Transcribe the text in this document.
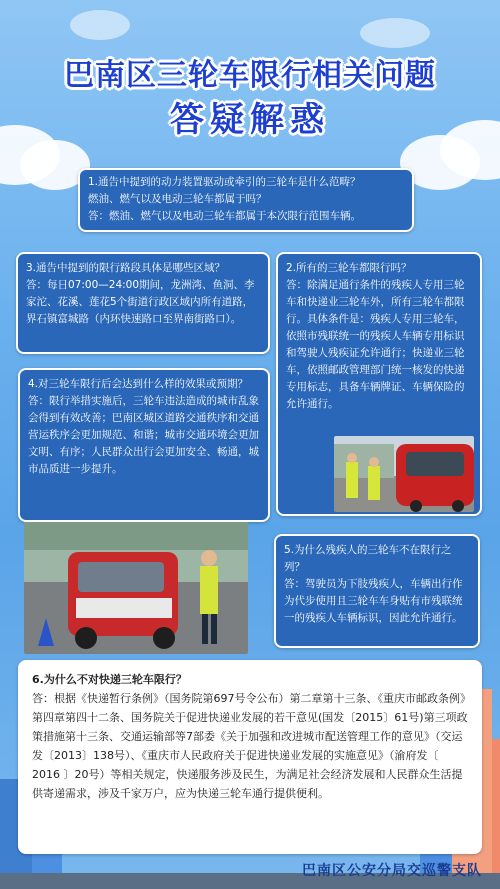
巴南区三轮车限行相关问题
答疑解惑
1.通告中提到的动力装置驱动或牵引的三轮车是什么范畴？
燃油、燃气以及电动三轮车都属于吗？
答：燃油、燃气以及电动三轮车都属于本次限行范围车辆。
3.通告中提到的限行路段具体是哪些区域？
答：每日07:00—24:00期间，龙洲湾、鱼洞、李家沱、花溪、莲花5个街道行政区域内所有道路，界石镇富城路（内环快速路口至界南街路口）。
2.所有的三轮车都限行吗？
答：除满足通行条件的残疾人专用三轮车和快递业三轮车外，所有三轮车都限行。具体条件是：残疾人专用三轮车，依照市残联统一的残疾人车辆专用标识和驾驶人残疾证允许通行；快递业三轮车，依照邮政管理部门统一核发的快递专用标志，具备车辆牌证、车辆保险的允许通行。
4.对三轮车限行后会达到什么样的效果或预期？
答：限行举措实施后，三轮车违法造成的城市乱象会得到有效改善；巴南区城区道路交通秩序和交通营运秩序会更加规范、和谐；城市交通环境会更加文明、有序；人民群众出行会更加安全、畅通，城市品质进一步提升。
5.为什么残疾人的三轮车不在限行之列？
答：驾驶员为下肢残疾人，车辆出行作为代步使用且三轮车车身贴有市残联统一的残疾人车辆标识，因此允许通行。
6.为什么不对快递三轮车限行？
答：根据《快递暂行条例》（国务院第697号令公布）第二章第十三条、《重庆市邮政条例》第四章第四十二条、国务院关于促进快递业发展的若干意见(国发〔2015〕61号)第三项政策措施第十三条、交通运输部等7部委《关于加强和改进城市配送管理工作的意见》（交运发〔2013〕138号）、《重庆市人民政府关于促进快递业发展的实施意见》（渝府发〔 2016 〕20号）等相关规定，快递服务涉及民生，为满足社会经济发展和人民群众生活提供寄递需求，涉及千家万户，应为快递三轮车通行提供便利。
巴南区公安分局交巡警支队
